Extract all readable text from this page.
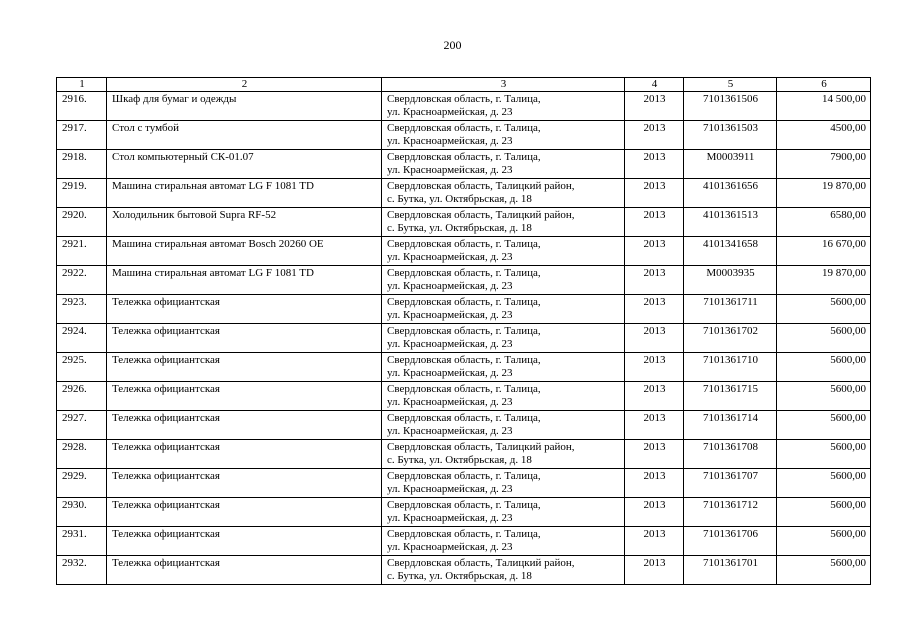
200
1	2	3	4	5	6
2916.	Шкаф для бумаг и одежды	Свердловская область, г. Талица,
ул. Красноармейская, д. 23	2013	7101361506	14 500,00
2917.	Стол с тумбой	Свердловская область, г. Талица,
ул. Красноармейская, д. 23	2013	7101361503	4500,00
2918.	Стол компьютерный СК-01.07	Свердловская область, г. Талица,
ул. Красноармейская, д. 23	2013	М0003911	7900,00
2919.	Машина стиральная автомат LG F 1081 TD	Свердловская область, Талицкий район,
с. Бутка, ул. Октябрьская, д. 18	2013	4101361656	19 870,00
2920.	Холодильник бытовой Supra RF-52	Свердловская область, Талицкий район,
с. Бутка, ул. Октябрьская, д. 18	2013	4101361513	6580,00
2921.	Машина стиральная автомат Bosch 20260 OE	Свердловская область, г. Талица,
ул. Красноармейская, д. 23	2013	4101341658	16 670,00
2922.	Машина стиральная автомат LG F 1081 TD	Свердловская область, г. Талица,
ул. Красноармейская, д. 23	2013	М0003935	19 870,00
2923.	Тележка официантская	Свердловская область, г. Талица,
ул. Красноармейская, д. 23	2013	7101361711	5600,00
2924.	Тележка официантская	Свердловская область, г. Талица,
ул. Красноармейская, д. 23	2013	7101361702	5600,00
2925.	Тележка официантская	Свердловская область, г. Талица,
ул. Красноармейская, д. 23	2013	7101361710	5600,00
2926.	Тележка официантская	Свердловская область, г. Талица,
ул. Красноармейская, д. 23	2013	7101361715	5600,00
2927.	Тележка официантская	Свердловская область, г. Талица,
ул. Красноармейская, д. 23	2013	7101361714	5600,00
2928.	Тележка официантская	Свердловская область, Талицкий район,
с. Бутка, ул. Октябрьская, д. 18	2013	7101361708	5600,00
2929.	Тележка официантская	Свердловская область, г. Талица,
ул. Красноармейская, д. 23	2013	7101361707	5600,00
2930.	Тележка официантская	Свердловская область, г. Талица,
ул. Красноармейская, д. 23	2013	7101361712	5600,00
2931.	Тележка официантская	Свердловская область, г. Талица,
ул. Красноармейская, д. 23	2013	7101361706	5600,00
2932.	Тележка официантская	Свердловская область, Талицкий район,
с. Бутка, ул. Октябрьская, д. 18	2013	7101361701	5600,00
